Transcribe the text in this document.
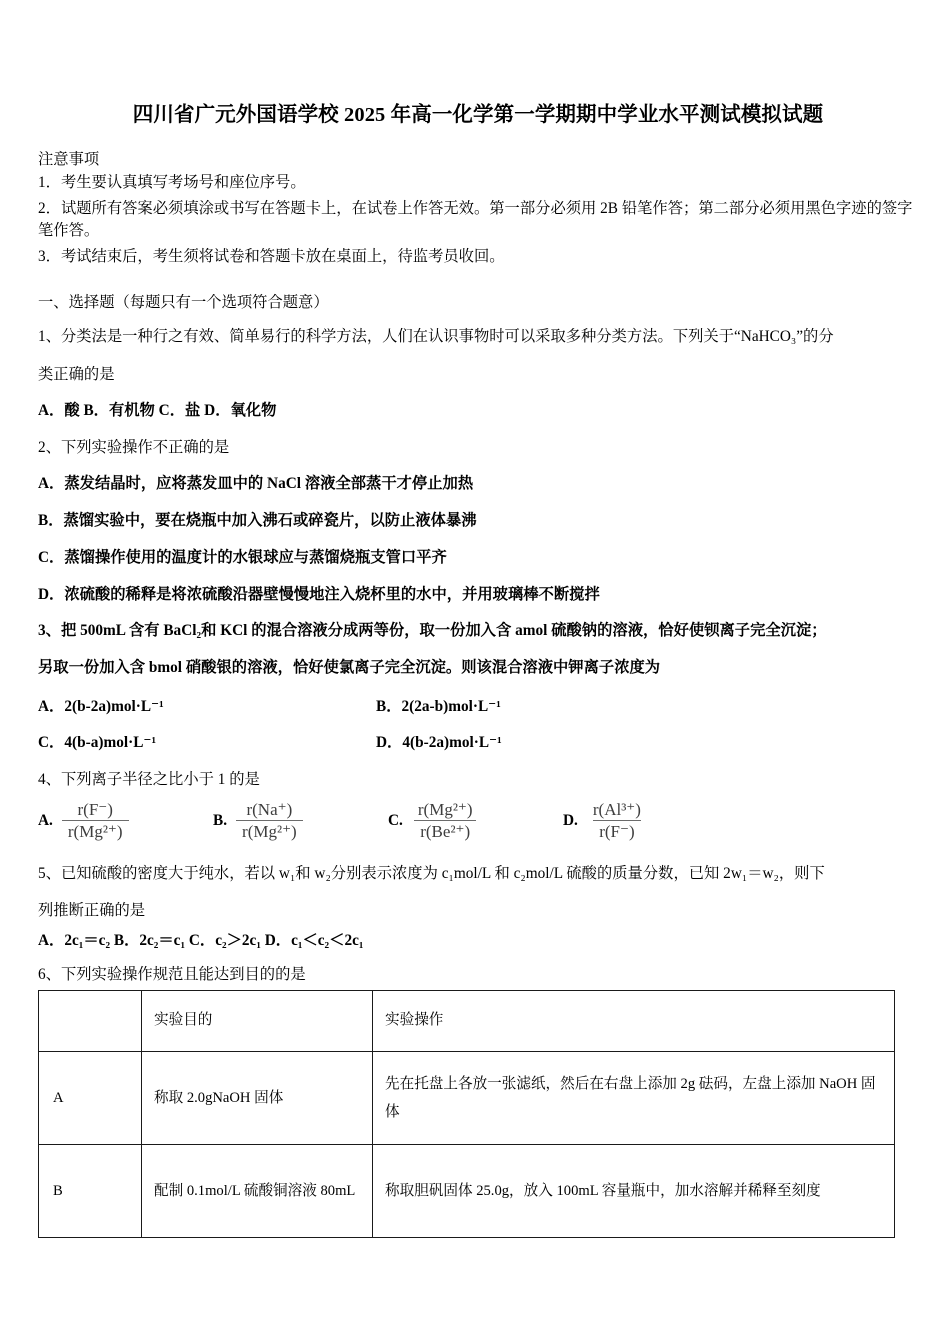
四川省广元外国语学校 2025 年高一化学第一学期期中学业水平测试模拟试题
注意事项
1．考生要认真填写考场号和座位序号。
2．试题所有答案必须填涂或书写在答题卡上，在试卷上作答无效。第一部分必须用 2B 铅笔作答；第二部分必须用黑色字迹的签字笔作答。
3．考试结束后，考生须将试卷和答题卡放在桌面上，待监考员收回。
一、选择题（每题只有一个选项符合题意）
1、分类法是一种行之有效、简单易行的科学方法，人们在认识事物时可以采取多种分类方法。下列关于“NaHCO₃”的分
类正确的是
A．酸 B．有机物 C．盐 D．氧化物
2、下列实验操作不正确的是
A．蒸发结晶时，应将蒸发皿中的 NaCl 溶液全部蒸干才停止加热
B．蒸馏实验中，要在烧瓶中加入沸石或碎瓷片，以防止液体暴沸
C．蒸馏操作使用的温度计的水银球应与蒸馏烧瓶支管口平齐
D．浓硫酸的稀释是将浓硫酸沿器壁慢慢地注入烧杯里的水中，并用玻璃棒不断搅拌
3、把 500mL 含有 BaCl₂和 KCl 的混合溶液分成两等份，取一份加入含 amol 硫酸钠的溶液，恰好使钡离子完全沉淀；
另取一份加入含 bmol 硝酸银的溶液，恰好使氯离子完全沉淀。则该混合溶液中钾离子浓度为
A．2(b-2a)mol·L⁻¹	B．2(2a-b)mol·L⁻¹
C．4(b-a)mol·L⁻¹	D．4(b-2a)mol·L⁻¹
4、下列离子半径之比小于 1 的是
A. $\frac{r(F^-)}{\text{r(Mg²⁺)}}$	B. $\frac{r(Na^+)}{\text{r(Mg²⁺)}}$	C. $\frac{\text{r(Mg²⁺)}}{\text{r(Be²⁺)}}$	D. $\frac{\text{r(Al³⁺)}}{r(F^-)}$
5、已知硫酸的密度大于纯水，若以 w₁和 w₂分别表示浓度为 c₁mol/L 和 c₂mol/L 硫酸的质量分数，已知 2w₁＝w₂，则下
列推断正确的是
A．2c₁＝c₂ B．2c₂＝c₁ C．c₂＞2c₁ D．c₁＜c₂＜2c₁
6、下列实验操作规范且能达到目的的是
	实验目的	实验操作
A	称取 2.0gNaOH 固体	先在托盘上各放一张滤纸，然后在右盘上添加 2g 砝码，左盘上添加 NaOH 固体
B	配制 0.1mol/L 硫酸铜溶液 80mL	称取胆矾固体 25.0g，放入 100mL 容量瓶中，加水溶解并稀释至刻度
